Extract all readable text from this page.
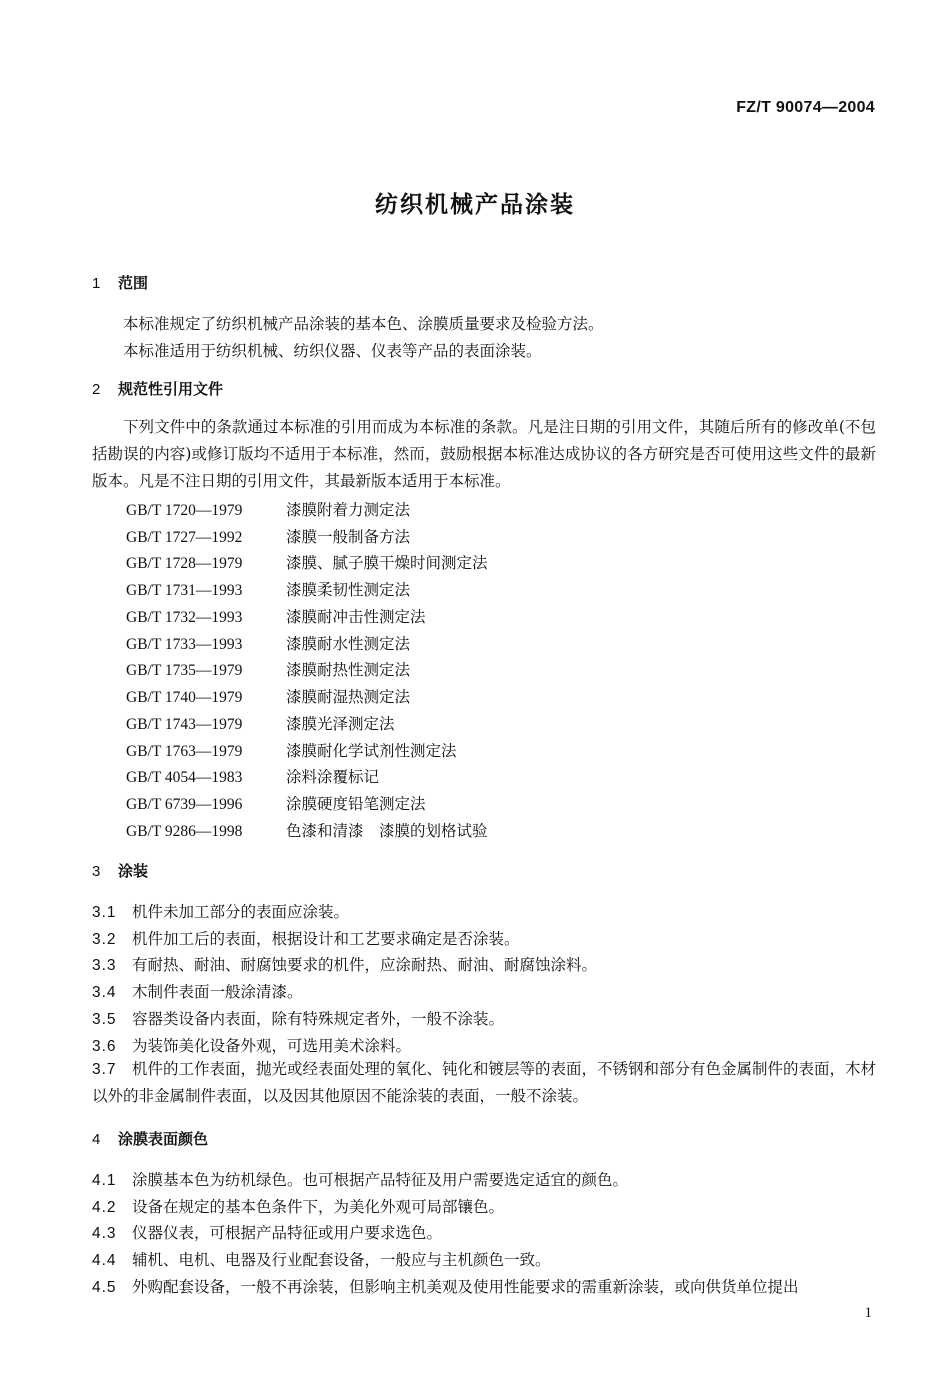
FZ/T 90074—2004
纺织机械产品涂装
1 范围
本标准规定了纺织机械产品涂装的基本色、涂膜质量要求及检验方法。
本标准适用于纺织机械、纺织仪器、仪表等产品的表面涂装。
2 规范性引用文件
下列文件中的条款通过本标准的引用而成为本标准的条款。凡是注日期的引用文件，其随后所有的修改单(不包括勘误的内容)或修订版均不适用于本标准，然而，鼓励根据本标准达成协议的各方研究是否可使用这些文件的最新版本。凡是不注日期的引用文件，其最新版本适用于本标准。
GB/T 1720—1979	漆膜附着力测定法
GB/T 1727—1992	漆膜一般制备方法
GB/T 1728—1979	漆膜、腻子膜干燥时间测定法
GB/T 1731—1993	漆膜柔韧性测定法
GB/T 1732—1993	漆膜耐冲击性测定法
GB/T 1733—1993	漆膜耐水性测定法
GB/T 1735—1979	漆膜耐热性测定法
GB/T 1740—1979	漆膜耐湿热测定法
GB/T 1743—1979	漆膜光泽测定法
GB/T 1763—1979	漆膜耐化学试剂性测定法
GB/T 4054—1983	涂料涂覆标记
GB/T 6739—1996	涂膜硬度铅笔测定法
GB/T 9286—1998	色漆和清漆　漆膜的划格试验
3 涂装
3.1 机件未加工部分的表面应涂装。
3.2 机件加工后的表面，根据设计和工艺要求确定是否涂装。
3.3 有耐热、耐油、耐腐蚀要求的机件，应涂耐热、耐油、耐腐蚀涂料。
3.4 木制件表面一般涂清漆。
3.5 容器类设备内表面，除有特殊规定者外，一般不涂装。
3.6 为装饰美化设备外观，可选用美术涂料。
3.7 机件的工作表面，抛光或经表面处理的氧化、钝化和镀层等的表面，不锈钢和部分有色金属制件的表面，木材以外的非金属制件表面，以及因其他原因不能涂装的表面，一般不涂装。
4 涂膜表面颜色
4.1 涂膜基本色为纺机绿色。也可根据产品特征及用户需要选定适宜的颜色。
4.2 设备在规定的基本色条件下，为美化外观可局部镶色。
4.3 仪器仪表，可根据产品特征或用户要求选色。
4.4 辅机、电机、电器及行业配套设备，一般应与主机颜色一致。
4.5 外购配套设备，一般不再涂装，但影响主机美观及使用性能要求的需重新涂装，或向供货单位提出
1
